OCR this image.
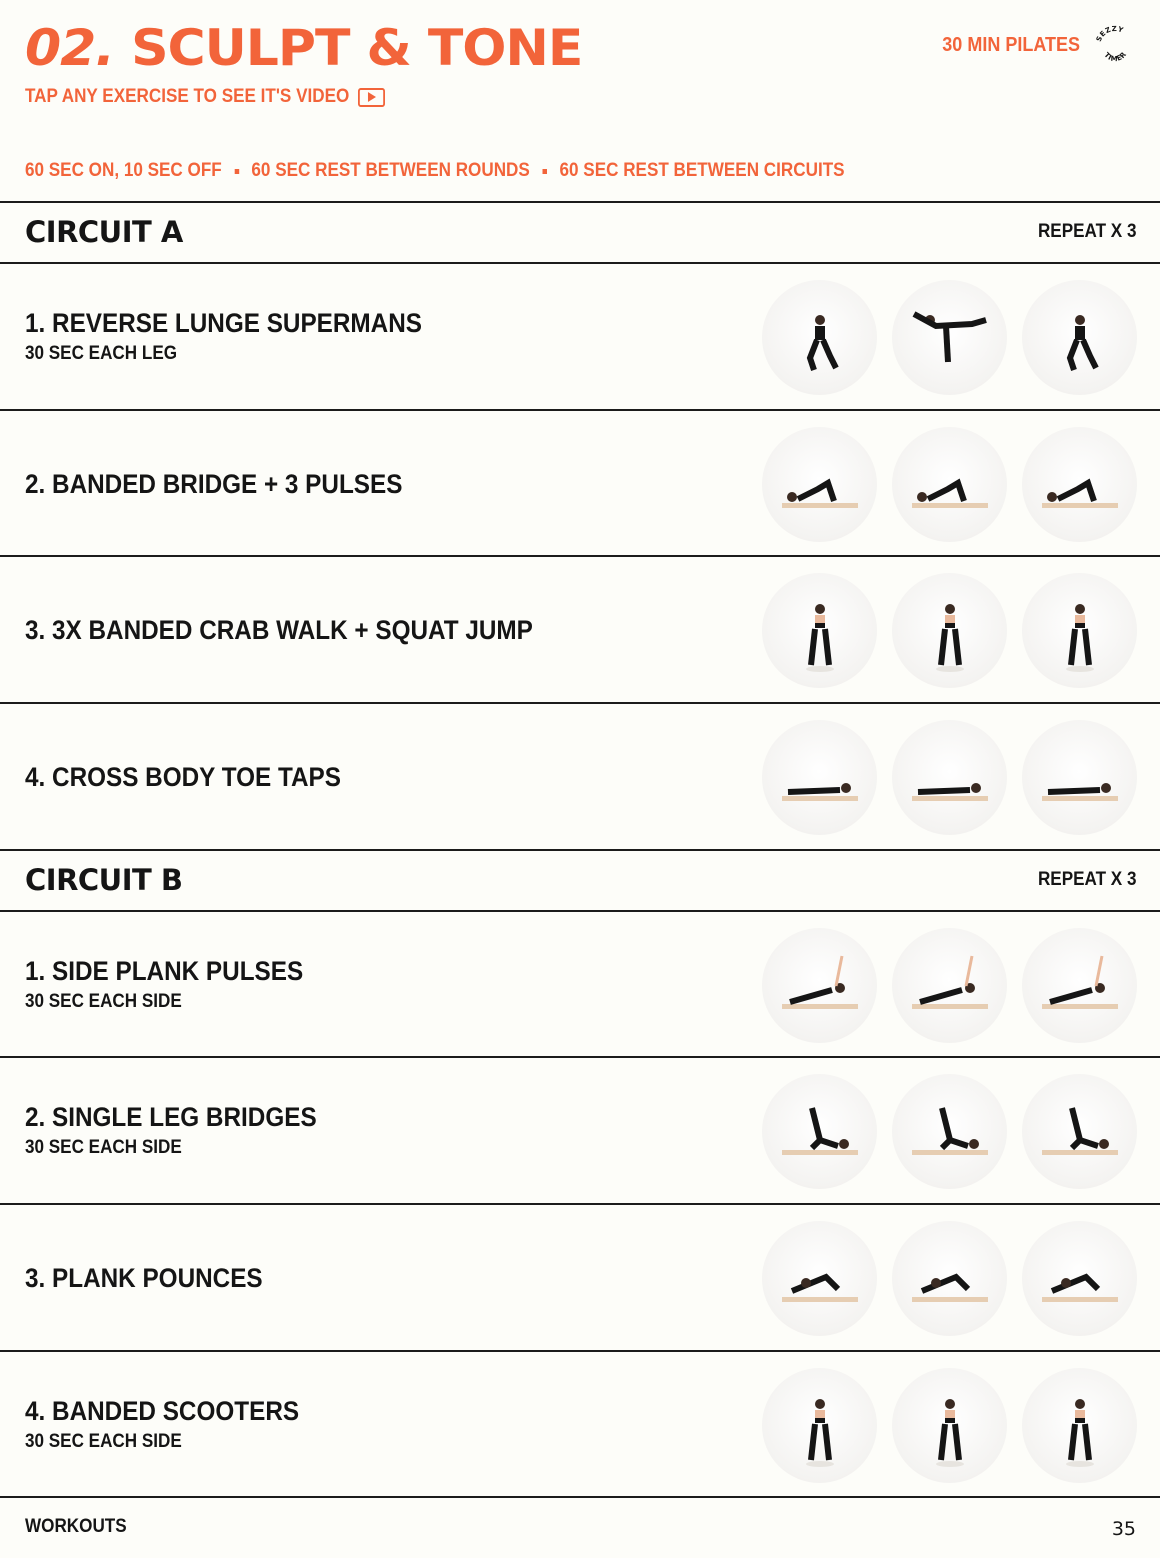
02. SCULPT & TONE
TAP ANY EXERCISE TO SEE IT'S VIDEO
30 MIN PILATES SEZZY
TIMER
60 SEC ON, 10 SEC OFF 60 SEC REST BETWEEN ROUNDS 60 SEC REST BETWEEN CIRCUITS
CIRCUIT A	REPEAT X 3
1. REVERSE LUNGE SUPERMANS
30 SEC EACH LEG
2. BANDED BRIDGE + 3 PULSES
3. 3X BANDED CRAB WALK + SQUAT JUMP
4. CROSS BODY TOE TAPS
CIRCUIT B	REPEAT X 3
1. SIDE PLANK PULSES
30 SEC EACH SIDE
2. SINGLE LEG BRIDGES
30 SEC EACH SIDE
3. PLANK POUNCES
4. BANDED SCOOTERS
30 SEC EACH SIDE
WORKOUTS	35
